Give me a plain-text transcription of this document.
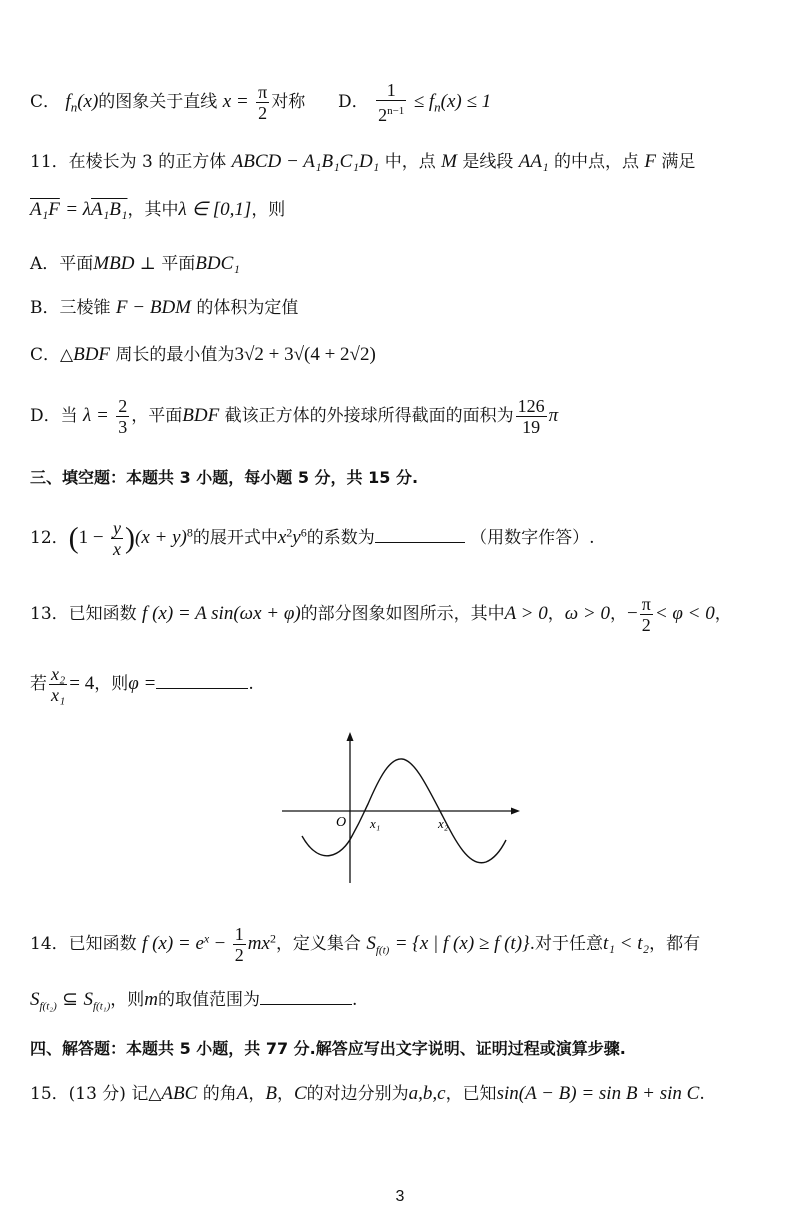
C． $f_n(x)$的图象关于直线 $x = \frac{\pi}{2}$ 对称 D． $\frac{1}{2^{n-1}} \le f_n(x) \le 1$
11．在棱长为 3 的正方体 ABCD − A₁B₁C₁D₁ 中，点 M 是线段 AA₁ 的中点，点 F 满足
A₁F = λA₁B₁，其中λ ∈ [0,1]，则
A．平面MBD ⊥ 平面BDC₁
B．三棱锥 F − BDM 的体积为定值
C．△BDF 周长的最小值为3√2 + 3√(4 + 2√2)
D．当 $\lambda = \frac{2}{3}$ ，平面BDF 截该正方体的外接球所得截面的面积为 $\frac{126}{19}$ π
三、填空题：本题共 3 小题，每小题 5 分，共 15 分.
12．$(1 - \frac{y}{x} )(x + y)^8$的展开式中$x^2y^6$的系数为	（用数字作答）.
13．已知函数 f (x) = A sin(ωx + φ)的部分图象如图所示，其中A > 0，ω > 0，− $\frac{\pi}{2} < \varphi < 0$，
若 $\frac{\text{x₂}}{\text{x₁}} = 4$，则φ =	.
O x₁	x₂
14．已知函数 f $(x) = e^x - \frac{1}{2} mx^2$，定义集合 $S_{f(t)} = \{x$ | f (x) ≥ f (t)}.对于任意t₁ < t₂，都有
$S_{f(t_2)}$ ⊆ $S_{f(t_1)}$，则m的取值范围为	.
四、解答题：本题共 5 小题，共 77 分.解答应写出文字说明、证明过程或演算步骤.
15．(13 分) 记△ABC 的角A，B，C的对边分别为a,b,c，已知sin(A − B) = sin B + sin C.
3
